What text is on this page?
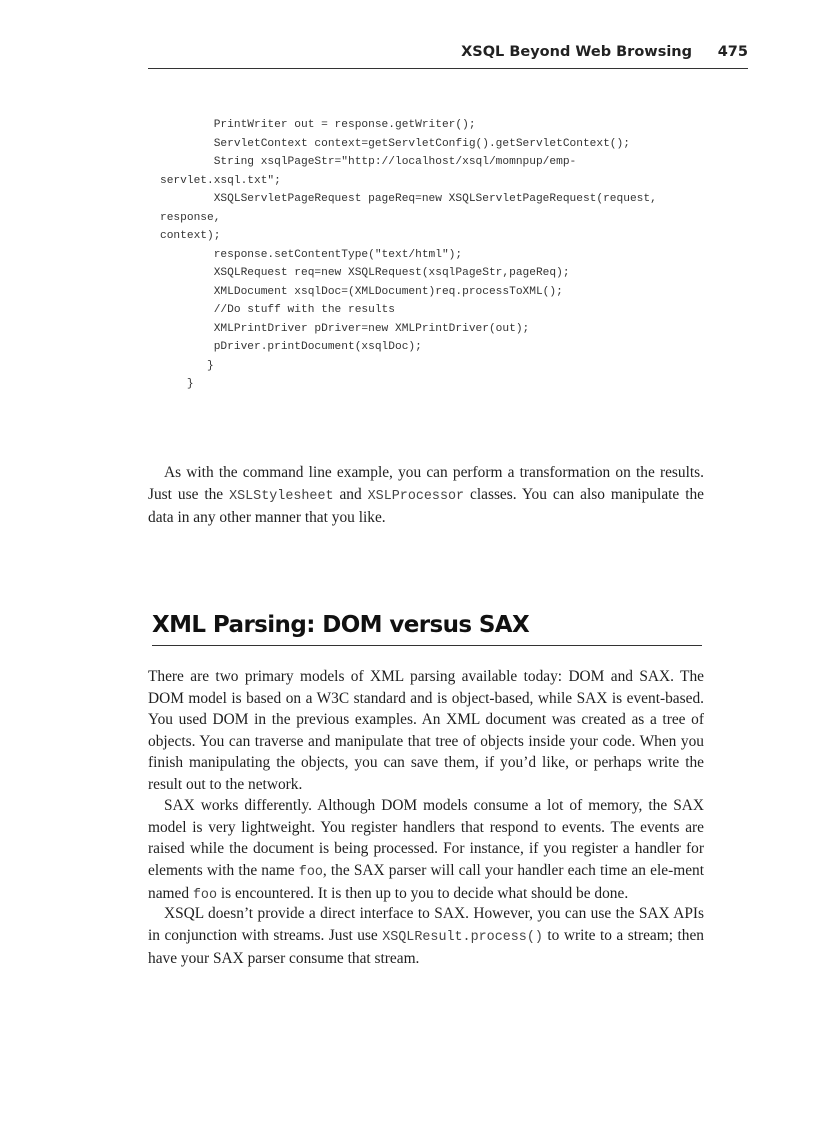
XSQL Beyond Web Browsing 475
PrintWriter out = response.getWriter();
ServletContext context=getServletConfig().getServletContext();
String xsqlPageStr="http://localhost/xsql/momnpup/emp-
servlet.xsql.txt";
XSQLServletPageRequest pageReq=new XSQLServletPageRequest(request,
response,
context);
response.setContentType("text/html");
XSQLRequest req=new XSQLRequest(xsqlPageStr,pageReq);
XMLDocument xsqlDoc=(XMLDocument)req.processToXML();
//Do stuff with the results
XMLPrintDriver pDriver=new XMLPrintDriver(out);
pDriver.printDocument(xsqlDoc);
}
}

As with the command line example, you can perform a transformation on the results. Just use the XSLStylesheet and XSLProcessor classes. You can also manipulate the data in any other manner that you like.

XML Parsing: DOM versus SAX

There are two primary models of XML parsing available today: DOM and SAX. The DOM model is based on a W3C standard and is object-based, while SAX is event-based. You used DOM in the previous examples. An XML document was created as a tree of objects. You can traverse and manipulate that tree of objects inside your code. When you finish manipulating the objects, you can save them, if you’d like, or perhaps write the result out to the network.

SAX works differently. Although DOM models consume a lot of memory, the SAX model is very lightweight. You register handlers that respond to events. The events are raised while the document is being processed. For instance, if you register a handler for elements with the name foo, the SAX parser will call your handler each time an ele-ment named foo is encountered. It is then up to you to decide what should be done.

XSQL doesn’t provide a direct interface to SAX. However, you can use the SAX APIs in conjunction with streams. Just use XSQLResult.process() to write to a stream; then have your SAX parser consume that stream.
